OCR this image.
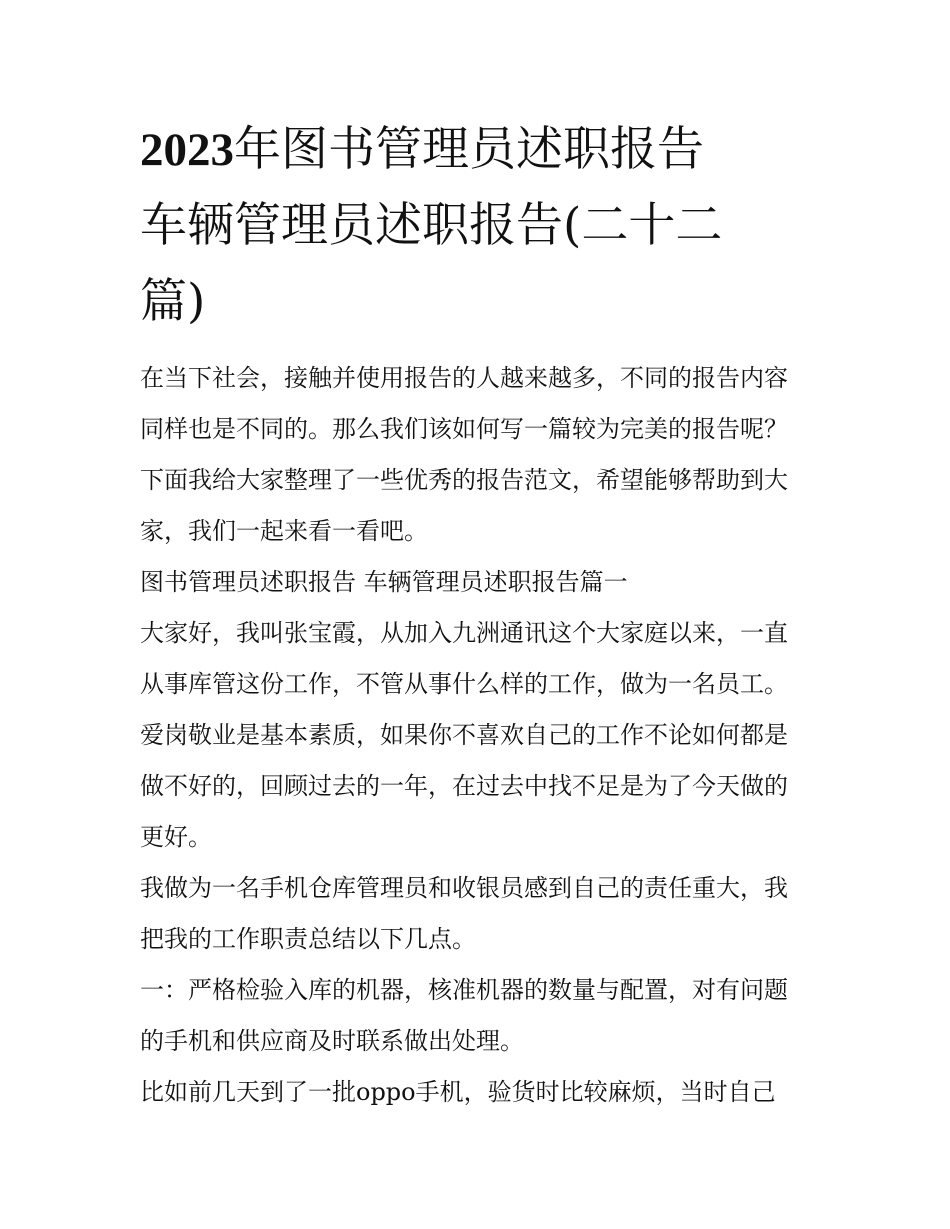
2023年图书管理员述职报告
车辆管理员述职报告(二十二
篇)

在当下社会，接触并使用报告的人越来越多，不同的报告内容

同样也是不同的。那么我们该如何写一篇较为完美的报告呢？

下面我给大家整理了一些优秀的报告范文，希望能够帮助到大

家，我们一起来看一看吧。

图书管理员述职报告 车辆管理员述职报告篇一

大家好，我叫张宝霞，从加入九洲通讯这个大家庭以来，一直

从事库管这份工作，不管从事什么样的工作，做为一名员工。

爱岗敬业是基本素质，如果你不喜欢自己的工作不论如何都是

做不好的，回顾过去的一年，在过去中找不足是为了今天做的

更好。

我做为一名手机仓库管理员和收银员感到自己的责任重大，我

把我的工作职责总结以下几点。

一：严格检验入库的机器，核准机器的数量与配置，对有问题

的手机和供应商及时联系做出处理。

比如前几天到了一批oppo手机，验货时比较麻烦，当时自己
